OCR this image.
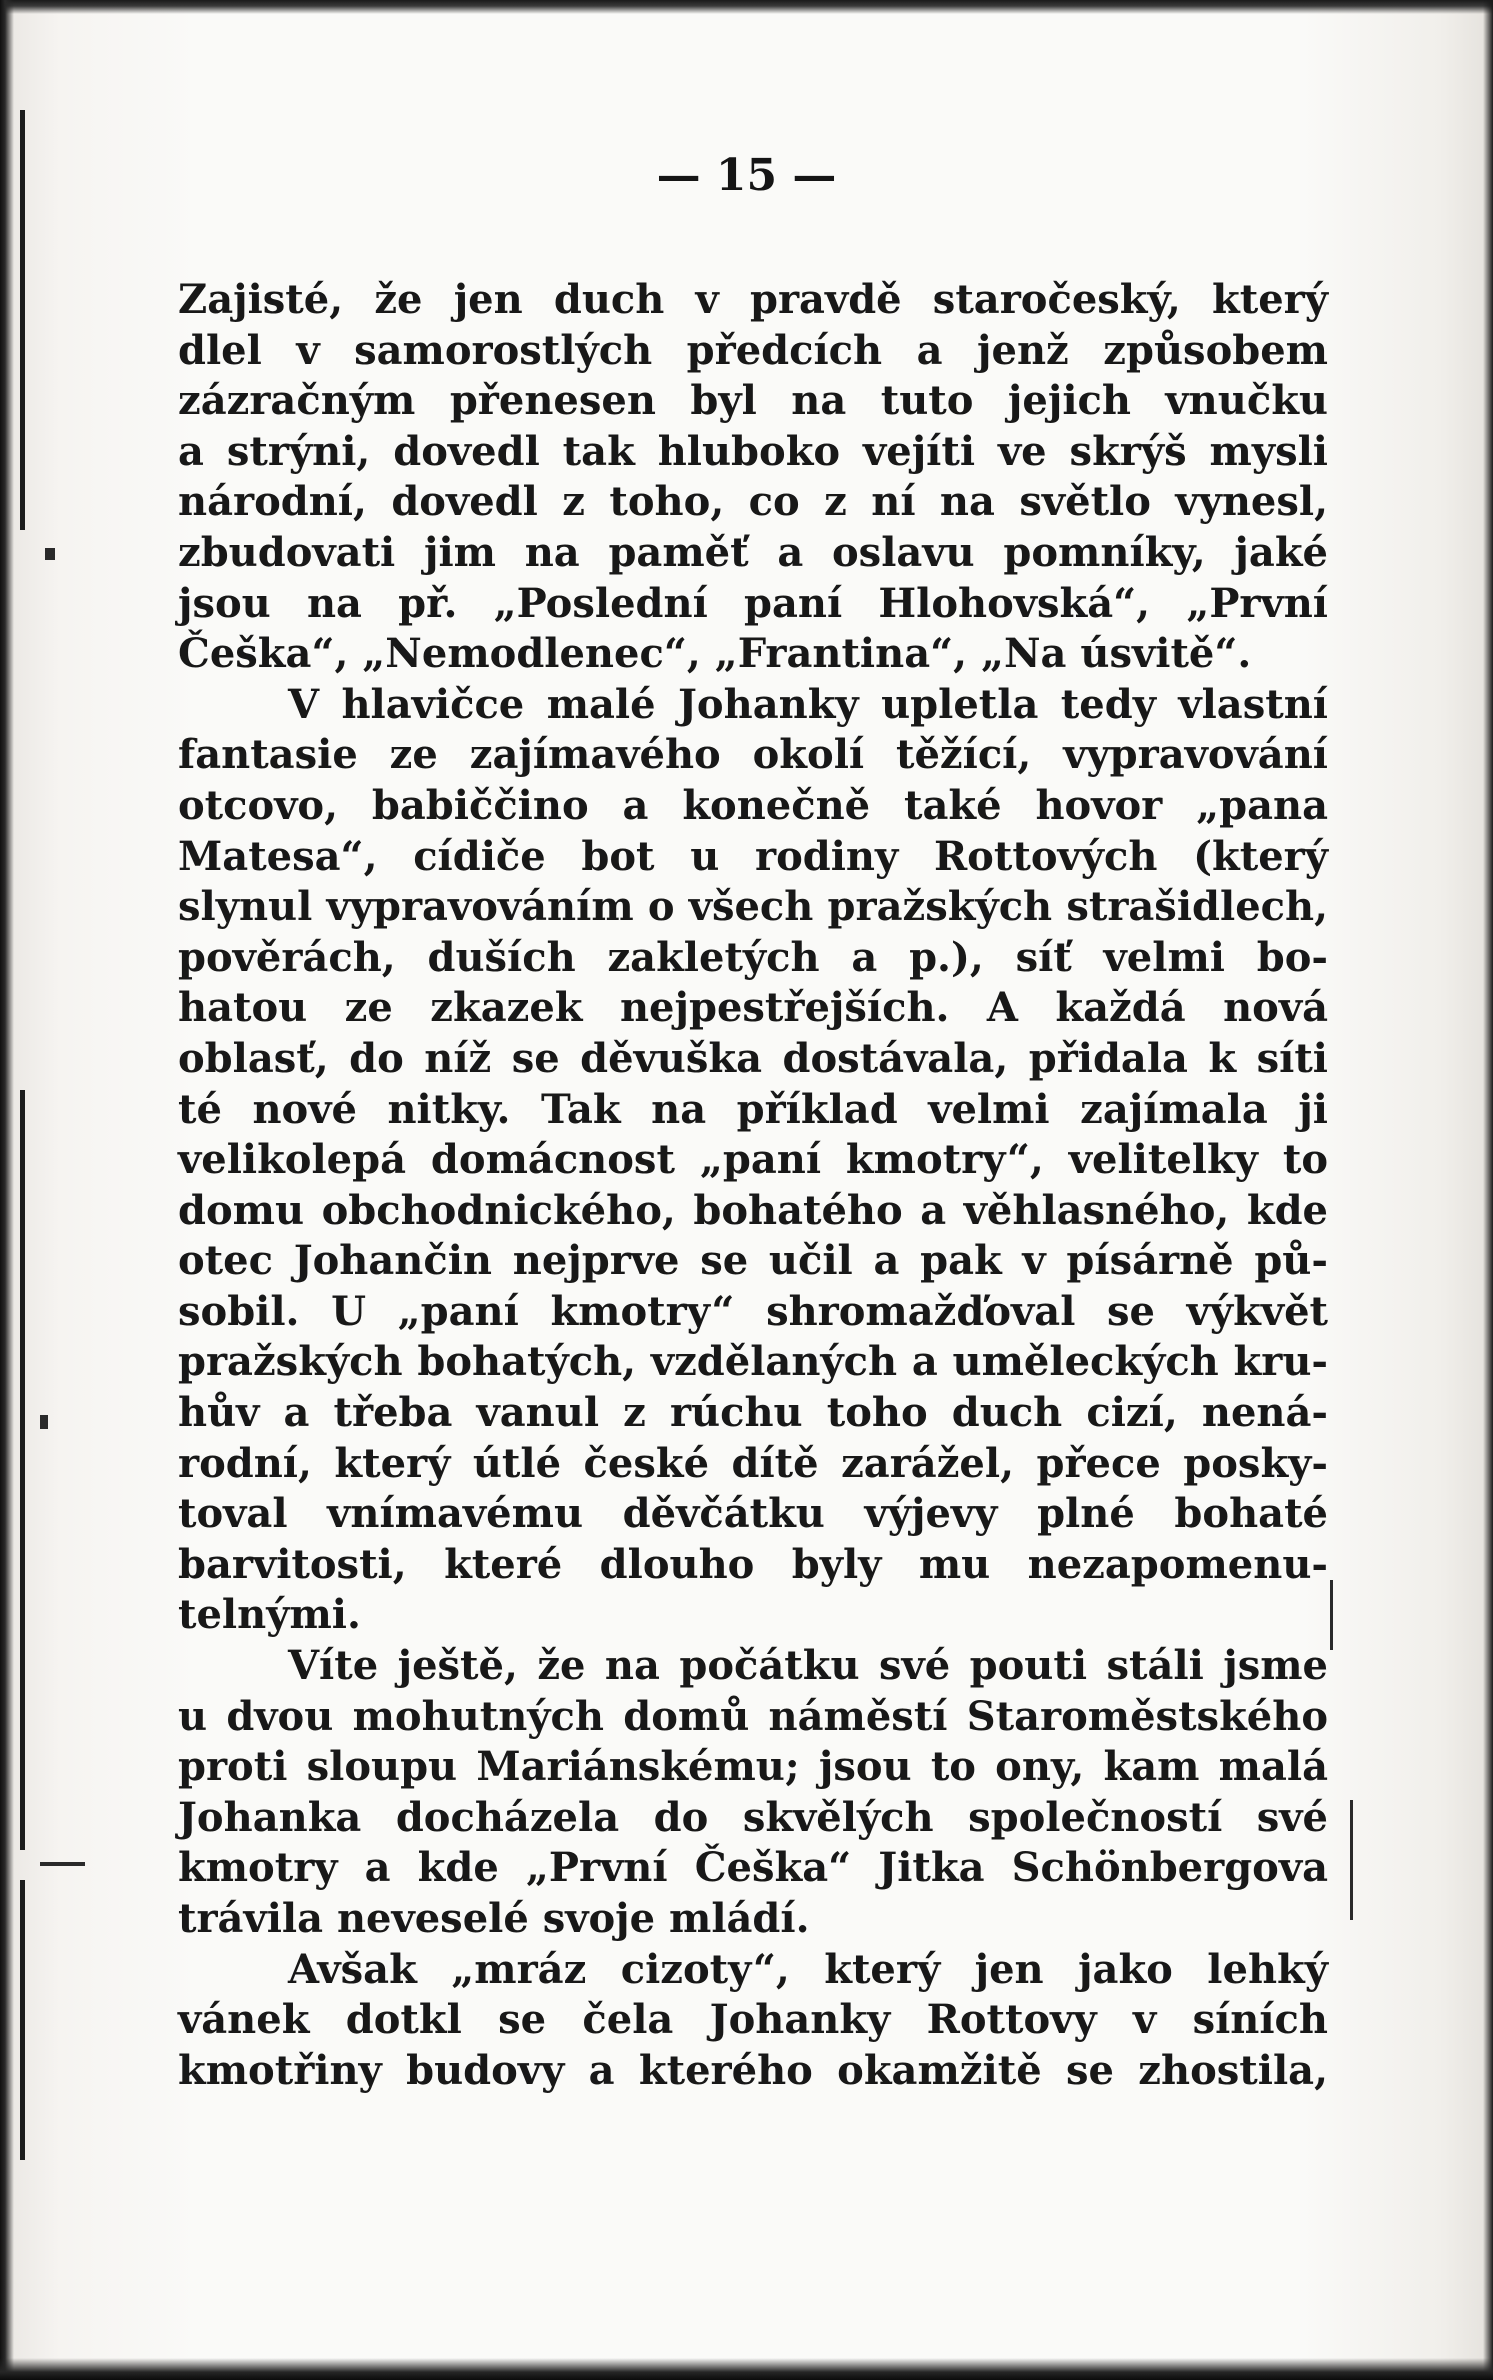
— 15 —
Zajisté, že jen duch v pravdě staročeský, který
dlel v samorostlých předcích a jenž způsobem
zázračným přenesen byl na tuto jejich vnučku
a strýni, dovedl tak hluboko vejíti ve skrýš mysli
národní, dovedl z toho, co z ní na světlo vynesl,
zbudovati jim na paměť a oslavu pomníky, jaké
jsou na př. „Poslední paní Hlohovská“, „První
Češka“, „Nemodlenec“, „Frantina“, „Na úsvitě“.
V hlavičce malé Johanky upletla tedy vlastní
fantasie ze zajímavého okolí těžící, vypravování
otcovo, babiččino a konečně také hovor „pana
Matesa“, cídiče bot u rodiny Rottových (který
slynul vypravováním o všech pražských strašidlech,
pověrách, duších zakletých a p.), síť velmi bo-
hatou ze zkazek nejpestřejších. A každá nová
oblasť, do níž se děvuška dostávala, přidala k síti
té nové nitky. Tak na příklad velmi zajímala ji
velikolepá domácnost „paní kmotry“, velitelky to
domu obchodnického, bohatého a věhlasného, kde
otec Johančin nejprve se učil a pak v písárně pů-
sobil. U „paní kmotry“ shromažďoval se výkvět
pražských bohatých, vzdělaných a uměleckých kru-
hův a třeba vanul z rúchu toho duch cizí, nená-
rodní, který útlé české dítě zarážel, přece posky-
toval vnímavému děvčátku výjevy plné bohaté
barvitosti, které dlouho byly mu nezapomenu-
telnými.
Víte ještě, že na počátku své pouti stáli jsme
u dvou mohutných domů náměstí Staroměstského
proti sloupu Mariánskému; jsou to ony, kam malá
Johanka docházela do skvělých společností své
kmotry a kde „První Češka“ Jitka Schönbergova
trávila neveselé svoje mládí.
Avšak „mráz cizoty“, který jen jako lehký
vánek dotkl se čela Johanky Rottovy v síních
kmotřiny budovy a kterého okamžitě se zhostila,
